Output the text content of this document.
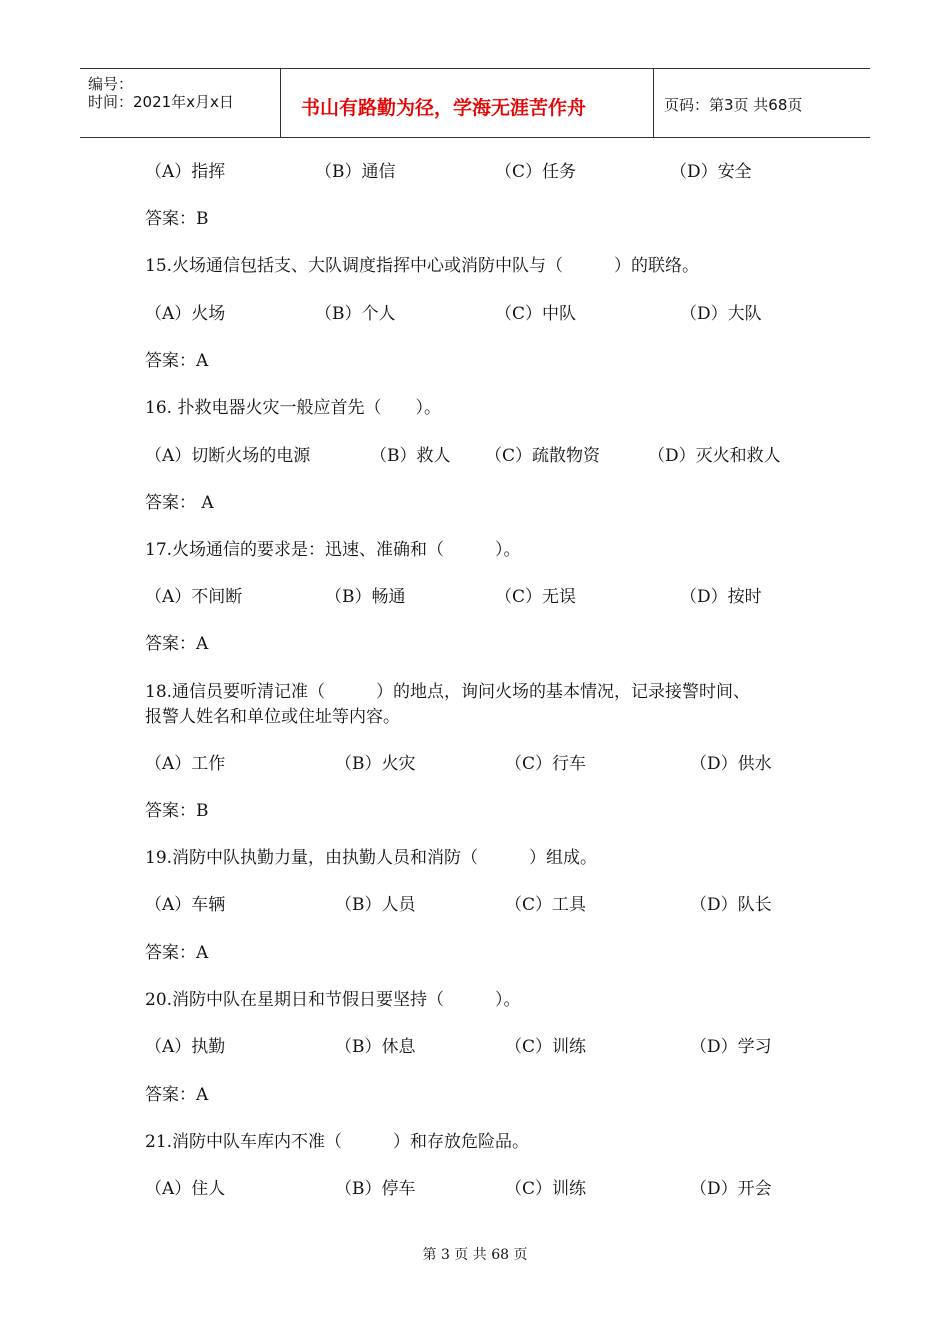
编号：
时间：2021年x月x日	书山有路勤为径，学海无涯苦作舟	页码：第3页 共68页
（A）指挥	（B）通信	（C）任务	（D）安全
答案：B
15.火场通信包括支、大队调度指挥中心或消防中队与（　　　）的联络。
（A）火场	（B）个人	（C）中队	（D）大队
答案：A
16. 扑救电器火灾一般应首先（　　）。
（A）切断火场的电源	（B）救人 （C）疏散物资	（D）灭火和救人
答案： A
17.火场通信的要求是：迅速、准确和（　　　）。
（A）不间断	（B）畅通	（C）无误	（D）按时
答案：A
18.通信员要听清记准（　　　）的地点，询问火场的基本情况，记录接警时间、
报警人姓名和单位或住址等内容。
（A）工作	（B）火灾	（C）行车	（D）供水
答案：B
19.消防中队执勤力量，由执勤人员和消防（　　　）组成。
（A）车辆	（B）人员	（C）工具	（D）队长
答案：A
20.消防中队在星期日和节假日要坚持（　　　）。
（A）执勤	（B）休息	（C）训练	（D）学习
答案：A
21.消防中队车库内不准（　　　）和存放危险品。
（A）住人	（B）停车	（C）训练	（D）开会
第 3 页 共 68 页
